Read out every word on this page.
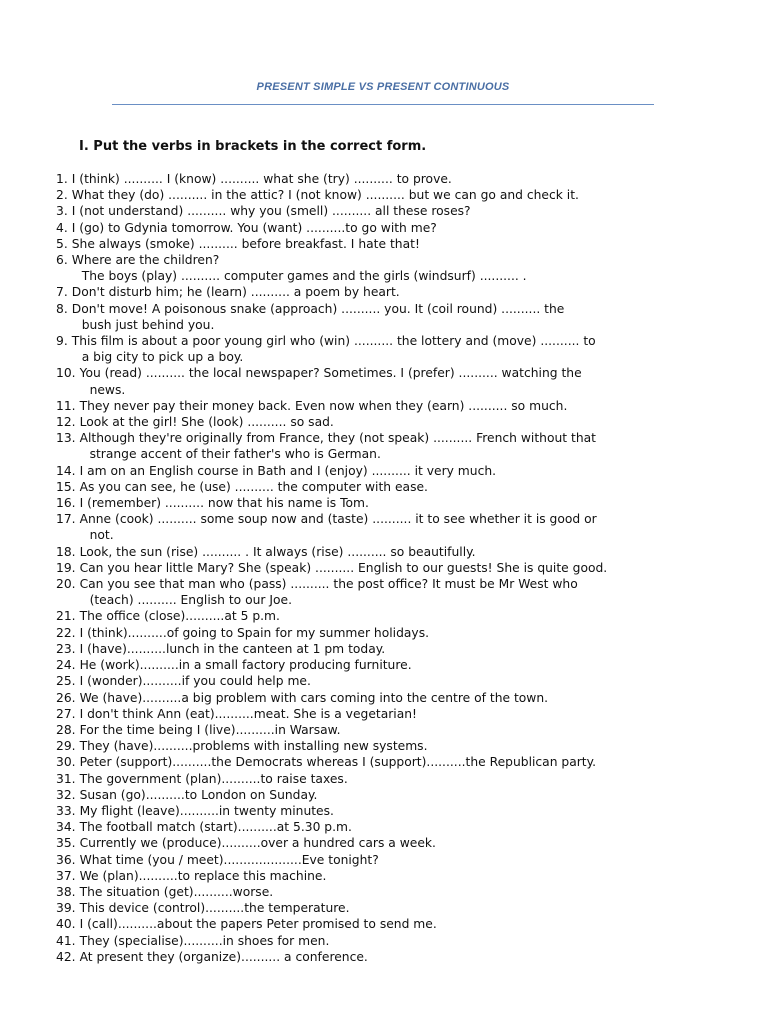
PRESENT SIMPLE VS PRESENT CONTINUOUS
I. Put the verbs in brackets in the correct form.
1. I (think) .......... I (know) .......... what she (try) .......... to prove.
2. What they (do) .......... in the attic? I (not know) .......... but we can go and check it.
3. I (not understand) .......... why you (smell) .......... all these roses?
4. I (go) to Gdynia tomorrow. You (want) ..........to go with me?
5. She always (smoke) .......... before breakfast. I hate that!
6. Where are the children?
The boys (play) .......... computer games and the girls (windsurf) .......... .
7. Don't disturb him; he (learn) .......... a poem by heart.
8. Don't move! A poisonous snake (approach) .......... you. It (coil round) .......... the
bush just behind you.
9. This film is about a poor young girl who (win) .......... the lottery and (move) .......... to
a big city to pick up a boy.
10. You (read) .......... the local newspaper? Sometimes. I (prefer) .......... watching the
news.
11. They never pay their money back. Even now when they (earn) .......... so much.
12. Look at the girl! She (look) .......... so sad.
13. Although they're originally from France, they (not speak) .......... French without that
strange accent of their father's who is German.
14. I am on an English course in Bath and I (enjoy) .......... it very much.
15. As you can see, he (use) .......... the computer with ease.
16. I (remember) .......... now that his name is Tom.
17. Anne (cook) .......... some soup now and (taste) .......... it to see whether it is good or
not.
18. Look, the sun (rise) .......... . It always (rise) .......... so beautifully.
19. Can you hear little Mary? She (speak) .......... English to our guests! She is quite good.
20. Can you see that man who (pass) .......... the post office? It must be Mr West who
(teach) .......... English to our Joe.
21. The office (close)..........at 5 p.m.
22. I (think)..........of going to Spain for my summer holidays.
23. I (have)..........lunch in the canteen at 1 pm today.
24. He (work)..........in a small factory producing furniture.
25. I (wonder)..........if you could help me.
26. We (have)..........a big problem with cars coming into the centre of the town.
27. I don't think Ann (eat)..........meat. She is a vegetarian!
28. For the time being I (live)..........in Warsaw.
29. They (have)..........problems with installing new systems.
30. Peter (support)..........the Democrats whereas I (support)..........the Republican party.
31. The government (plan)..........to raise taxes.
32. Susan (go)..........to London on Sunday.
33. My flight (leave)..........in twenty minutes.
34. The football match (start)..........at 5.30 p.m.
35. Currently we (produce)..........over a hundred cars a week.
36. What time (you / meet)....................Eve tonight?
37. We (plan)..........to replace this machine.
38. The situation (get)..........worse.
39. This device (control)..........the temperature.
40. I (call)..........about the papers Peter promised to send me.
41. They (specialise)..........in shoes for men.
42. At present they (organize).......... a conference.
